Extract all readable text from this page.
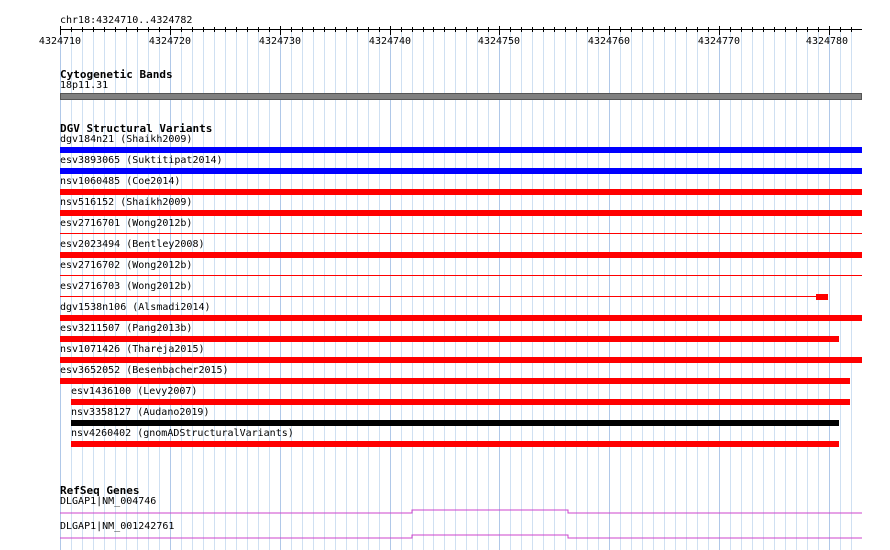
chr18:4324710..4324782
4324710	4324720	4324730	4324740	4324750	4324760	4324770	4324780
Cytogenetic Bands
18p11.31
DGV Structural Variants
dgv184n21 (Shaikh2009)
esv3893065 (Suktitipat2014)
nsv1060485 (Coe2014)
nsv516152 (Shaikh2009)
esv2716701 (Wong2012b)
esv2023494 (Bentley2008)
esv2716702 (Wong2012b)
esv2716703 (Wong2012b)
dgv1538n106 (Alsmadi2014)
esv3211507 (Pang2013b)
nsv1071426 (Thareja2015)
esv3652052 (Besenbacher2015)
esv1436100 (Levy2007)
nsv3358127 (Audano2019)
nsv4260402 (gnomADStructuralVariants)
RefSeq Genes
DLGAP1|NM_004746
DLGAP1|NM_001242761
